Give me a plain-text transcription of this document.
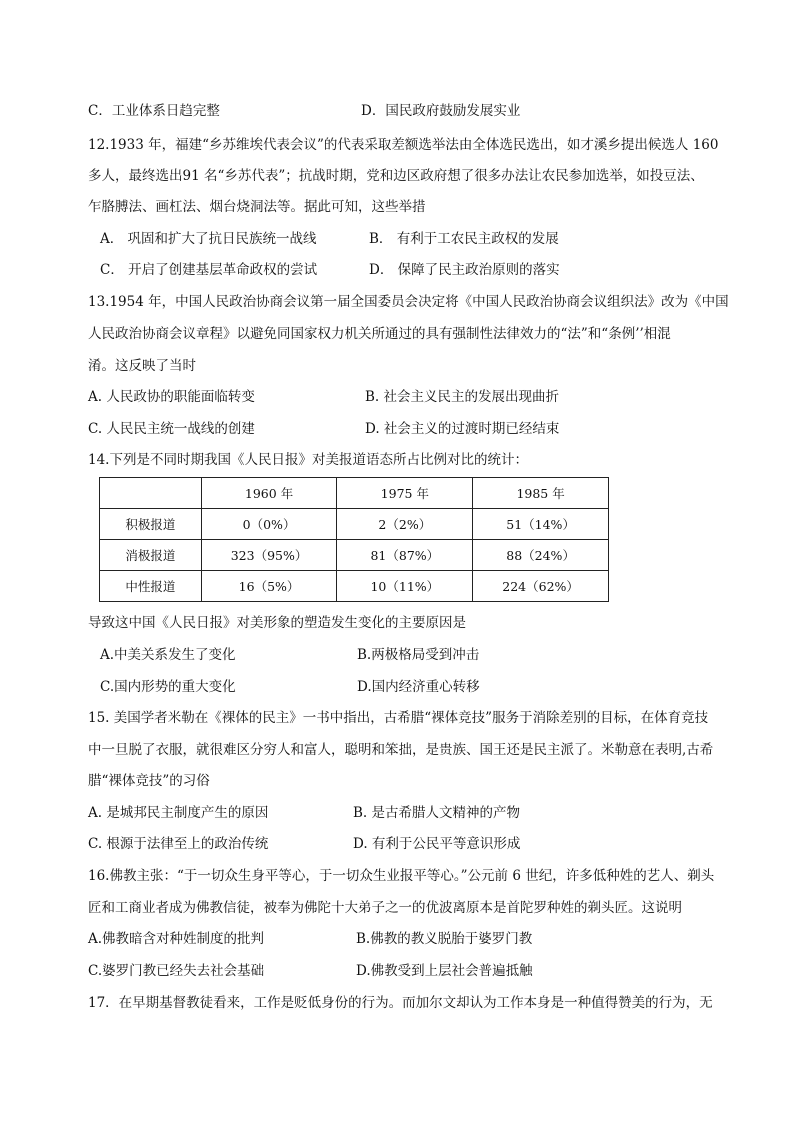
C．工业体系日趋完整	D．国民政府鼓励发展实业
12.1933 年，福建“乡苏维埃代表会议”的代表采取差额选举法由全体选民选出，如才溪乡提出候选人 160
多人，最终选出91 名“乡苏代表”；抗战时期，党和边区政府想了很多办法让农民参加选举，如投豆法、
乍胳膊法、画杠法、烟台烧洞法等。据此可知，这些举措
A． 巩固和扩大了抗日民族统一战线	B． 有利于工农民主政权的发展
C． 开启了创建基层革命政权的尝试	D． 保障了民主政治原则的落实
13.1954 年，中国人民政治协商会议第一届全国委员会决定将《中国人民政治协商会议组织法》改为《中国
人民政治协商会议章程》以避免同国家权力机关所通过的具有强制性法律效力的“法”和“条例’’相混
淆。这反映了当时
A. 人民政协的职能面临转变	B. 社会主义民主的发展出现曲折
C. 人民民主统一战线的创建	D. 社会主义的过渡时期已经结束
14.下列是不同时期我国《人民日报》对美报道语态所占比例对比的统计：
	1960 年	1975 年	1985 年
积极报道	0（0%）	2（2%）	51（14%）
消极报道	323（95%）	81（87%）	88（24%）
中性报道	16（5%）	10（11%）	224（62%）
导致这中国《人民日报》对美形象的塑造发生变化的主要原因是
A.中美关系发生了变化	B.两极格局受到冲击
C.国内形势的重大变化	D.国内经济重心转移
15. 美国学者米勒在《裸体的民主》一书中指出，古希腊“裸体竞技”服务于消除差别的目标，在体育竞技
中一旦脱了衣服，就很难区分穷人和富人，聪明和笨拙，是贵族、国王还是民主派了。米勒意在表明,古希
腊“裸体竞技”的习俗
A. 是城邦民主制度产生的原因	B. 是古希腊人文精神的产物
C. 根源于法律至上的政治传统	D. 有利于公民平等意识形成
16.佛教主张：“于一切众生身平等心，于一切众生业报平等心。”公元前 6 世纪，许多低种姓的艺人、剃头
匠和工商业者成为佛教信徒，被奉为佛陀十大弟子之一的优波离原本是首陀罗种姓的剃头匠。这说明
A.佛教暗含对种姓制度的批判	B.佛教的教义脱胎于婆罗门教
C.婆罗门教已经失去社会基础	D.佛教受到上层社会普遍抵触
17．在早期基督教徒看来，工作是贬低身份的行为。而加尔文却认为工作本身是一种值得赞美的行为，无
